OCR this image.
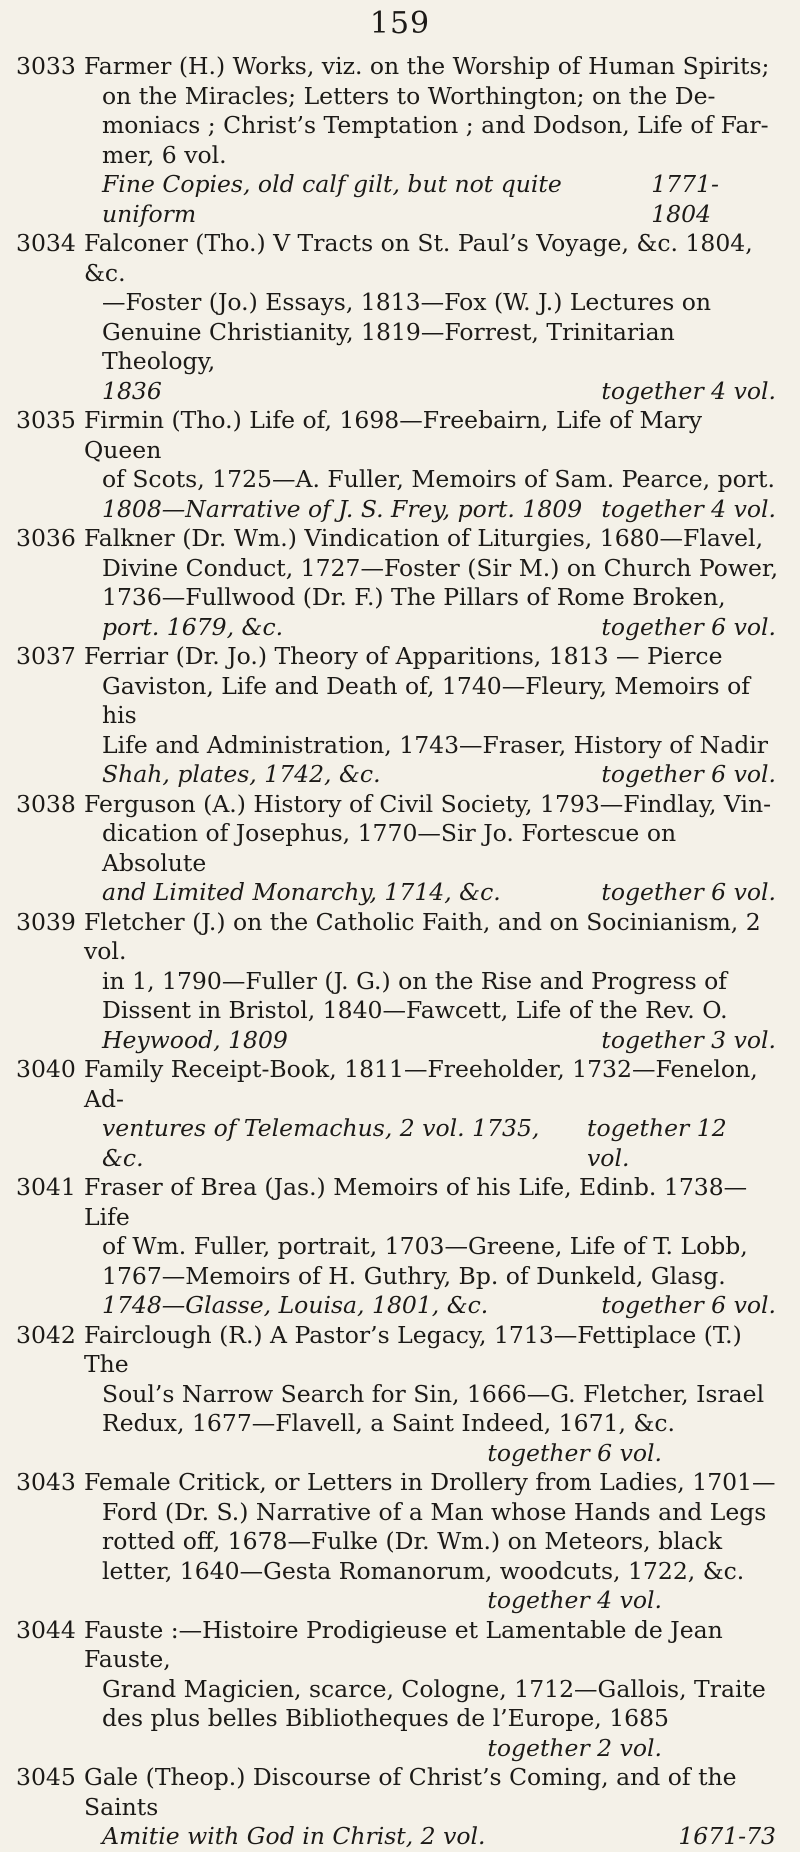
159
3033 Farmer (H.) Works, viz. on the Worship of Human Spirits;
on the Miracles; Letters to Worthington; on the De-
moniacs ; Christ’s Temptation ; and Dodson, Life of Far-
mer, 6 vol.
Fine Copies, old calf gilt, but not quite uniform
1771-1804
3034 Falconer (Tho.) V Tracts on St. Paul’s Voyage, &c. 1804, &c.
—Foster (Jo.) Essays, 1813—Fox (W. J.) Lectures on
Genuine Christianity, 1819—Forrest, Trinitarian Theology,
1836	together 4 vol.
3035 Firmin (Tho.) Life of, 1698—Freebairn, Life of Mary Queen
of Scots, 1725—A. Fuller, Memoirs of Sam. Pearce, port.
1808—Narrative of J. S. Frey, port. 1809 together 4 vol.
3036 Falkner (Dr. Wm.) Vindication of Liturgies, 1680—Flavel,
Divine Conduct, 1727—Foster (Sir M.) on Church Power,
1736—Fullwood (Dr. F.) The Pillars of Rome Broken,
port. 1679, &c.	together 6 vol.
3037 Ferriar (Dr. Jo.) Theory of Apparitions, 1813 — Pierce
Gaviston, Life and Death of, 1740—Fleury, Memoirs of his
Life and Administration, 1743—Fraser, History of Nadir
Shah, plates, 1742, &c.	together 6 vol.
3038 Ferguson (A.) History of Civil Society, 1793—Findlay, Vin-
dication of Josephus, 1770—Sir Jo. Fortescue on Absolute
and Limited Monarchy, 1714, &c.	together 6 vol.
3039 Fletcher (J.) on the Catholic Faith, and on Socinianism, 2 vol.
in 1, 1790—Fuller (J. G.) on the Rise and Progress of
Dissent in Bristol, 1840—Fawcett, Life of the Rev. O.
Heywood, 1809	together 3 vol.
3040 Family Receipt-Book, 1811—Freeholder, 1732—Fenelon, Ad-
ventures of Telemachus, 2 vol. 1735, &c.
together 12 vol.
3041 Fraser of Brea (Jas.) Memoirs of his Life, Edinb. 1738—Life
of Wm. Fuller, portrait, 1703—Greene, Life of T. Lobb,
1767—Memoirs of H. Guthry, Bp. of Dunkeld, Glasg.
1748—Glasse, Louisa, 1801, &c.	together 6 vol.
3042 Fairclough (R.) A Pastor’s Legacy, 1713—Fettiplace (T.) The
Soul’s Narrow Search for Sin, 1666—G. Fletcher, Israel
Redux, 1677—Flavell, a Saint Indeed, 1671, &c.
together 6 vol.
3043 Female Critick, or Letters in Drollery from Ladies, 1701—
Ford (Dr. S.) Narrative of a Man whose Hands and Legs
rotted off, 1678—Fulke (Dr. Wm.) on Meteors, black
letter, 1640—Gesta Romanorum, woodcuts, 1722, &c.
together 4 vol.
3044 Fauste :—Histoire Prodigieuse et Lamentable de Jean Fauste,
Grand Magicien, scarce, Cologne, 1712—Gallois, Traite
des plus belles Bibliotheques de l’Europe, 1685
together 2 vol.
3045 Gale (Theop.) Discourse of Christ’s Coming, and of the Saints
Amitie with God in Christ, 2 vol.	1671-73
